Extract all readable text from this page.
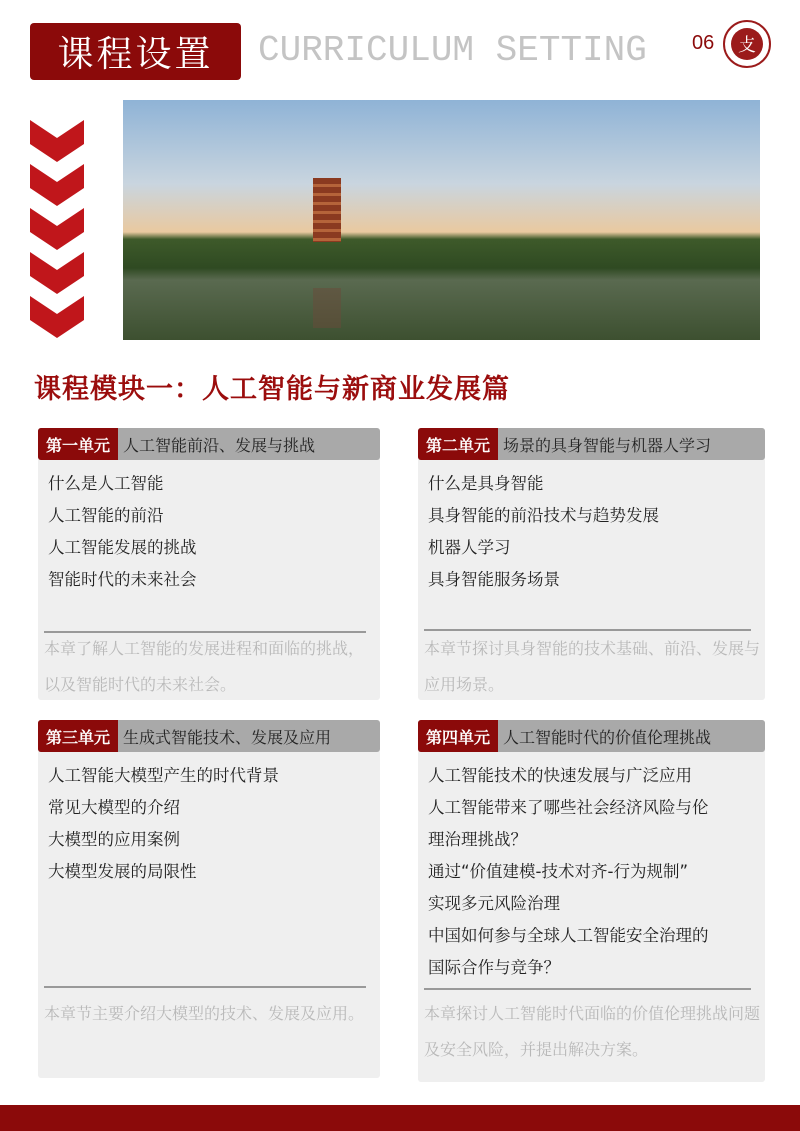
课程设置	CURRICULUM SETTING 06	⽁
课程模块一：人工智能与新商业发展篇
第一单元 人工智能前沿、发展与挑战
什么是人工智能
人工智能的前沿
人工智能发展的挑战
智能时代的未来社会
本章了解人工智能的发展进程和面临的挑战，以及智能时代的未来社会。
第二单元 场景的具身智能与机器人学习
什么是具身智能
具身智能的前沿技术与趋势发展
机器人学习
具身智能服务场景
本章节探讨具身智能的技术基础、前沿、发展与应用场景。
第三单元 生成式智能技术、发展及应用
人工智能大模型产生的时代背景
常见大模型的介绍
大模型的应用案例
大模型发展的局限性
本章节主要介绍大模型的技术、发展及应用。
第四单元 人工智能时代的价值伦理挑战
人工智能技术的快速发展与广泛应用
人工智能带来了哪些社会经济风险与伦
理治理挑战？
通过“价值建模-技术对齐-行为规制”
实现多元风险治理
中国如何参与全球人工智能安全治理的
国际合作与竞争？
本章探讨人工智能时代面临的价值伦理挑战问题及安全风险，并提出解决方案。
